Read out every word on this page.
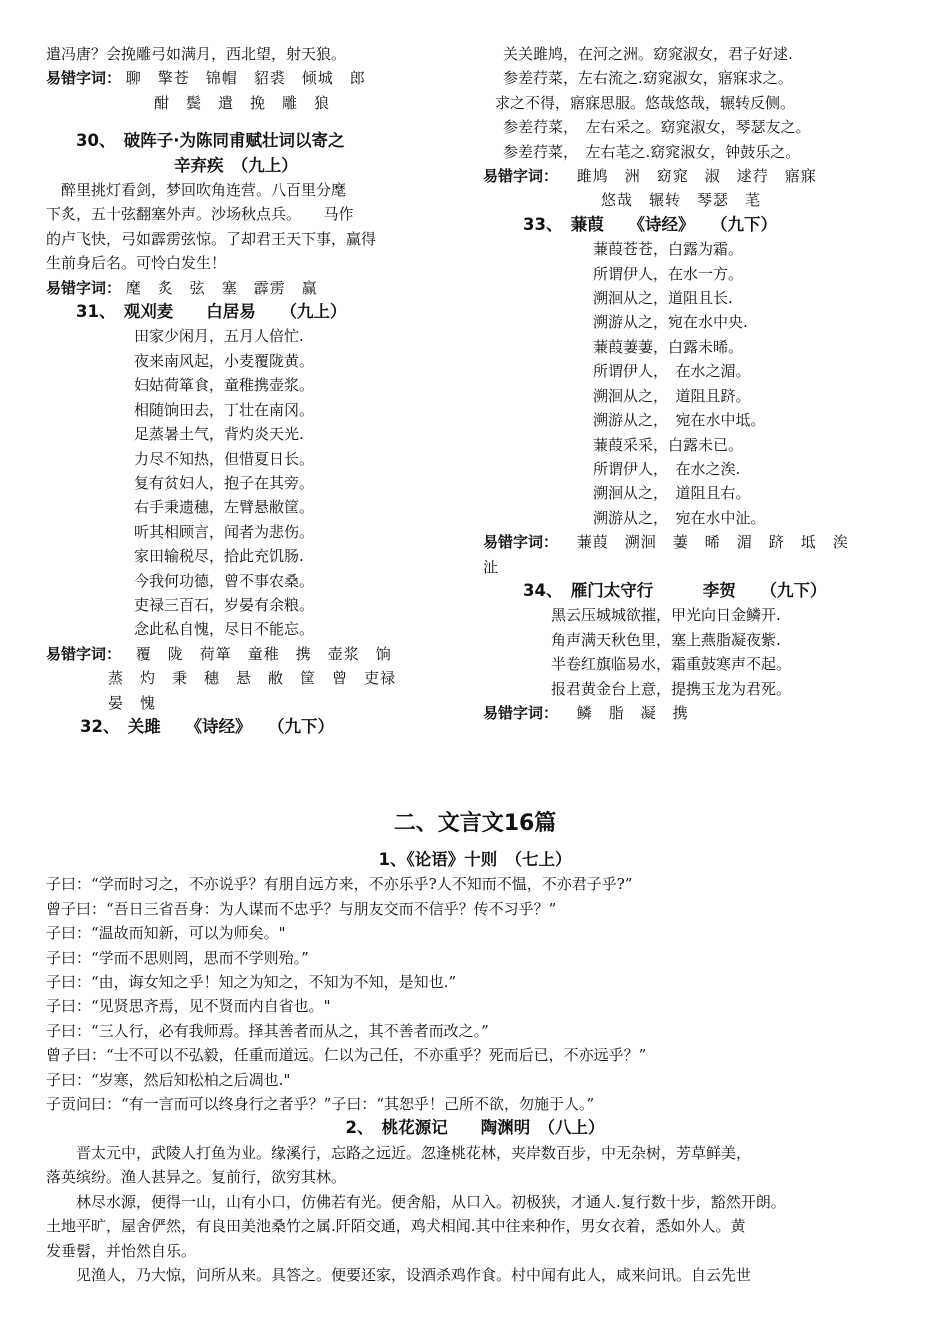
遣冯唐？会挽雕弓如满月，西北望，射天狼。
易错字词： 聊　擎苍　锦帽　貂裘　倾城　郎
酣　鬓　遣　挽　雕　狼
30、　破阵子·为陈同甫赋壮词以寄之
辛弃疾　（九上）
　醉里挑灯看剑，梦回吹角连营。八百里分麾
下炙，五十弦翻塞外声。沙场秋点兵。　　马作
的卢飞快，弓如霹雳弦惊。了却君王天下事，赢得
生前身后名。可怜白发生！
易错字词： 麾　炙　弦　塞　霹雳　赢
31、　观刈麦　　白居易　　（九上）
田家少闲月，五月人倍忙.
夜来南风起，小麦覆陇黄。
妇姑荷箪食，童稚携壶浆。
相随饷田去，丁壮在南冈。
足蒸暑土气，背灼炎天光.
力尽不知热，但惜夏日长。
复有贫妇人，抱子在其旁。
右手秉遗穗，左臂悬敝筐。
听其相顾言，闻者为悲伤。
家田输税尽，拾此充饥肠.
今我何功德，曾不事农桑。
吏禄三百石，岁晏有余粮。
念此私自愧，尽日不能忘。
易错字词： 覆　陇　荷箪　童稚　携　壶浆　饷
蒸　灼　秉　穗　悬　敝　筐　曾　吏禄
晏　愧
32、　关雎　　《诗经》　　（九下）
关关雎鸠，在河之洲。窈窕淑女，君子好逑.
参差荇菜，左右流之.窈窕淑女，寤寐求之。
求之不得，寤寐思服。悠哉悠哉，辗转反侧。
参差荇菜，　左右采之。窈窕淑女，琴瑟友之。
参差荇菜，　左右芼之.窈窕淑女，钟鼓乐之。
易错字词： 雎鸠　洲　窈窕　淑　逑荇　寤寐
悠哉　辗转　琴瑟　芼
33、　蒹葭　　《诗经》　　（九下）
蒹葭苍苍，白露为霜。
所谓伊人，在水一方。
溯洄从之，道阻且长.
溯游从之，宛在水中央.
蒹葭萋萋，白露未晞。
所谓伊人，　在水之湄。
溯洄从之，　道阻且跻。
溯游从之，　宛在水中坻。
蒹葭采采，白露未已。
所谓伊人，　在水之涘.
溯洄从之，　道阻且右。
溯游从之，　宛在水中沚。
易错字词： 蒹葭　溯洄　萋　晞　湄　跻　坻　涘
沚
34、　雁门太守行　　　李贺　　（九下）
黑云压城城欲摧，甲光向日金鳞开.
角声满天秋色里，塞上燕脂凝夜紫.
半卷红旗临易水，霜重鼓寒声不起。
报君黄金台上意，提携玉龙为君死。
易错字词： 鳞　脂　凝　携
二、文言文16篇
1、《论语》十则　（七上）
子曰：“学而时习之，不亦说乎？有朋自远方来，不亦乐乎?人不知而不愠，不亦君子乎?”
曾子曰：“吾日三省吾身：为人谋而不忠乎？与朋友交而不信乎？传不习乎？”
子曰：“温故而知新，可以为师矣。"
子曰：“学而不思则罔，思而不学则殆。”
子曰：“由，诲女知之乎！知之为知之，不知为不知，是知也.”
子曰：“见贤思齐焉，见不贤而内自省也。"
子曰：“三人行，必有我师焉。择其善者而从之，其不善者而改之。”
曾子曰：“士不可以不弘毅，任重而道远。仁以为己任，不亦重乎？死而后已，不亦远乎？”
子曰：“岁寒，然后知松柏之后凋也."
子贡问曰：“有一言而可以终身行之者乎？”子曰：“其恕乎！己所不欲，勿施于人。”
2、　桃花源记　　陶渊明　（八上）
　　晋太元中，武陵人打鱼为业。缘溪行，忘路之远近。忽逢桃花林，夹岸数百步，中无杂树，芳草鲜美，
落英缤纷。渔人甚异之。复前行，欲穷其林。
　　林尽水源，便得一山，山有小口，仿佛若有光。便舍船，从口入。初极狭，才通人.复行数十步，豁然开朗。
土地平旷，屋舍俨然，有良田美池桑竹之属.阡陌交通，鸡犬相闻.其中往来种作，男女衣着，悉如外人。黄
发垂髫，并怡然自乐。
　　见渔人，乃大惊，问所从来。具答之。便要还家，设酒杀鸡作食。村中闻有此人，咸来问讯。自云先世
